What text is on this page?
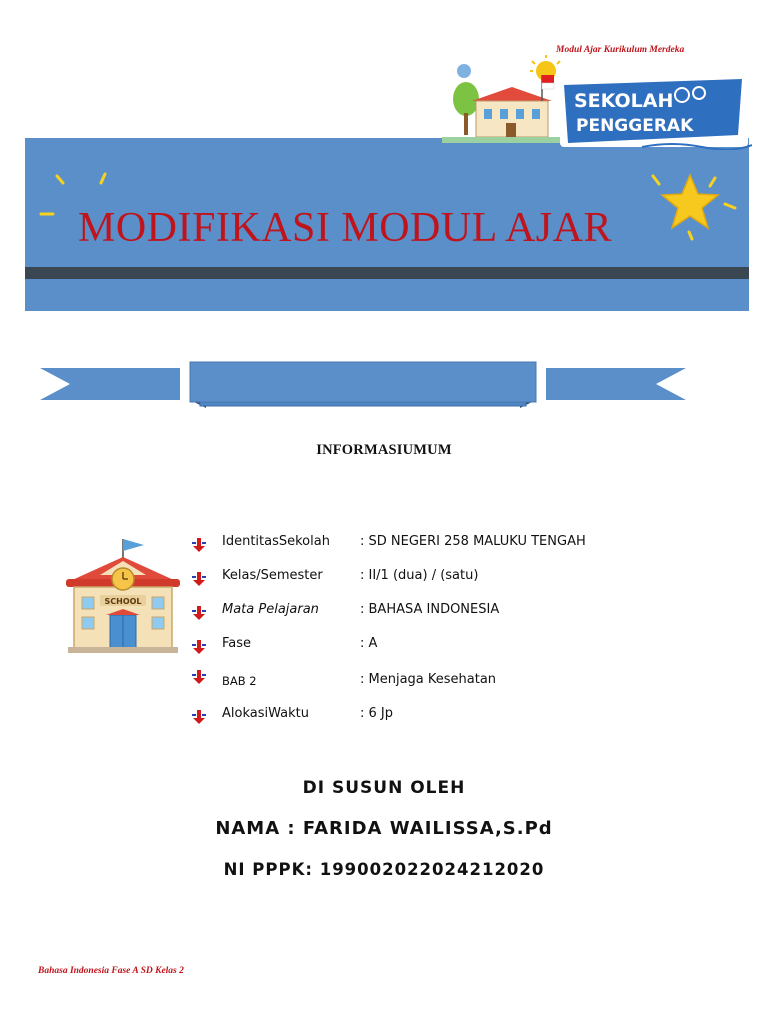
Modul Ajar Kurikulum Merdeka
MODIFIKASI MODUL AJAR
SEKOLAH
PENGGERAK
INFORMASIUMUM
SCHOOL
IdentitasSekolah : SD NEGERI 258 MALUKU TENGAH
Kelas/Semester	: II/1 (dua) / (satu)
Mata Pelajaran	: BAHASA INDONESIA
Fase	: A
BAB 2	: Menjaga Kesehatan
AlokasiWaktu	: 6 Jp
DI SUSUN OLEH
NAMA : FARIDA WAILISSA,S.Pd
NI PPPK: 199002022024212020
Bahasa Indonesia Fase A SD Kelas 2
